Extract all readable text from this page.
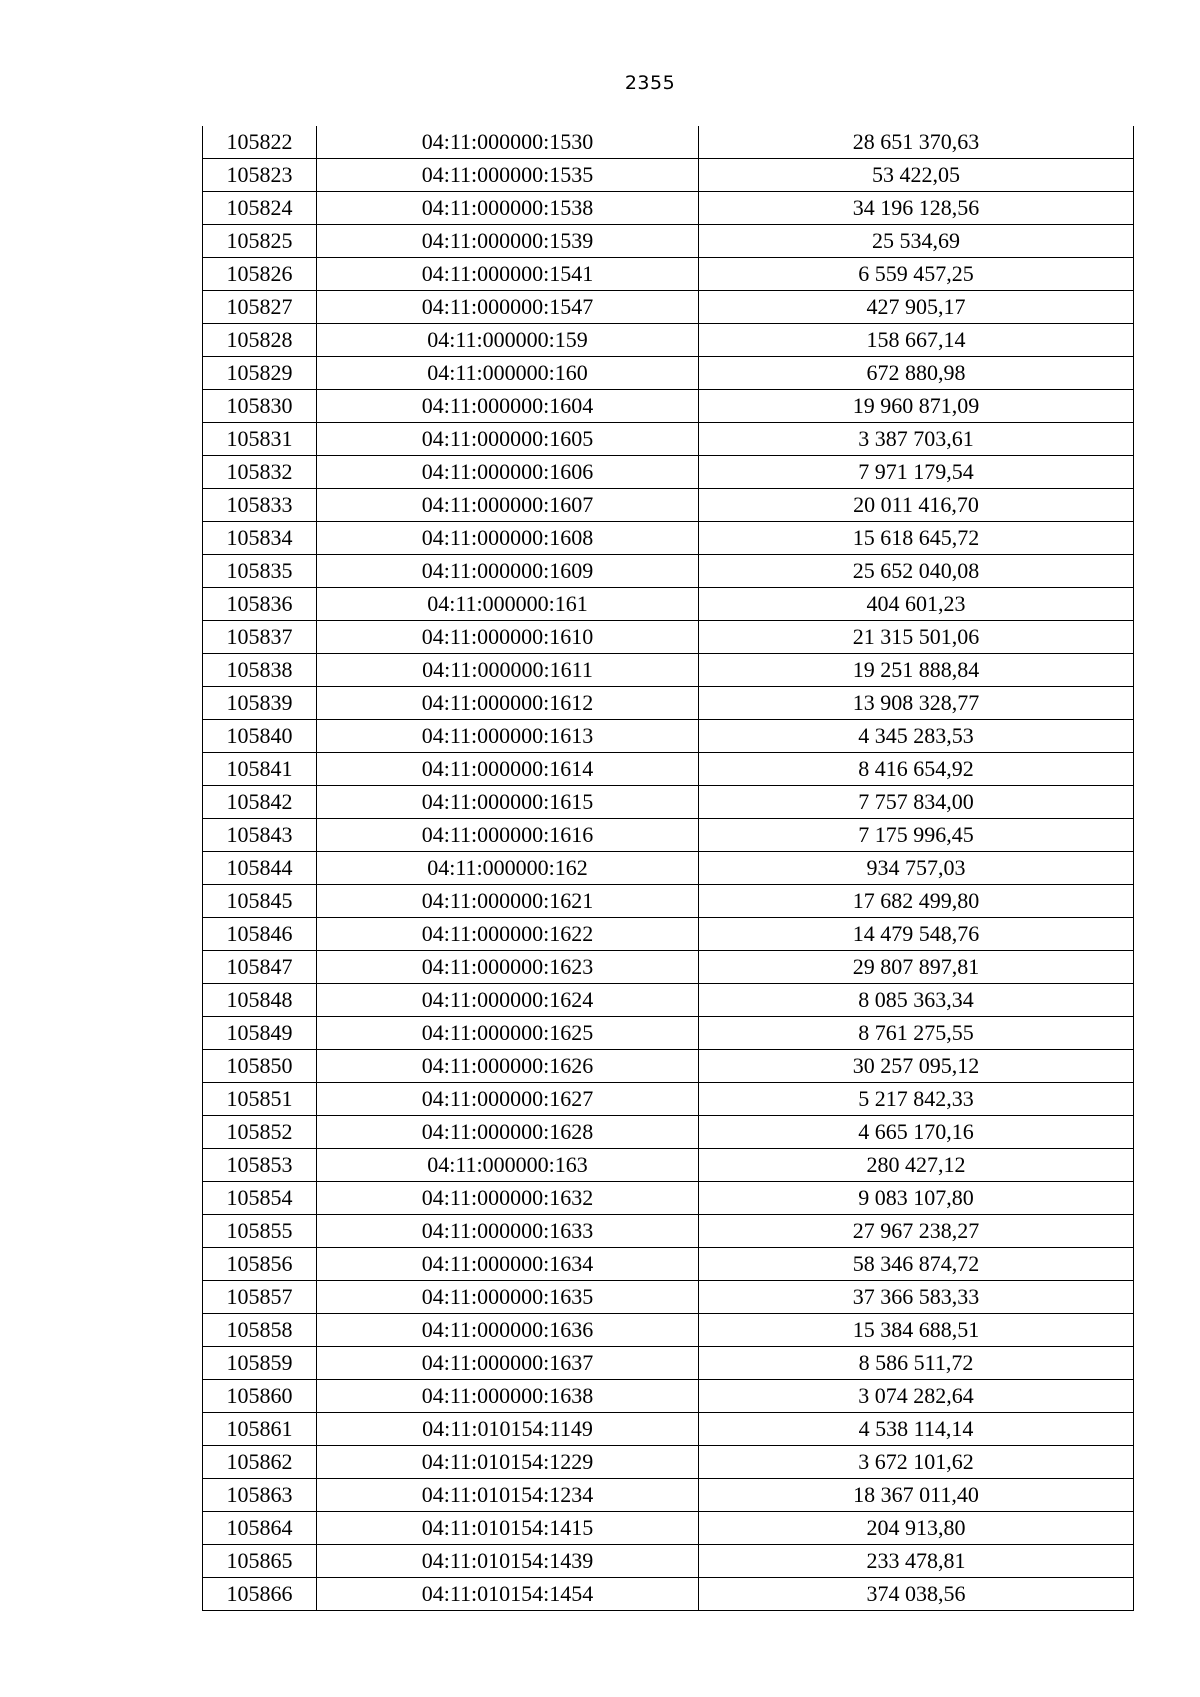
2355
105822	04:11:000000:1530	28 651 370,63
105823	04:11:000000:1535	53 422,05
105824	04:11:000000:1538	34 196 128,56
105825	04:11:000000:1539	25 534,69
105826	04:11:000000:1541	6 559 457,25
105827	04:11:000000:1547	427 905,17
105828	04:11:000000:159	158 667,14
105829	04:11:000000:160	672 880,98
105830	04:11:000000:1604	19 960 871,09
105831	04:11:000000:1605	3 387 703,61
105832	04:11:000000:1606	7 971 179,54
105833	04:11:000000:1607	20 011 416,70
105834	04:11:000000:1608	15 618 645,72
105835	04:11:000000:1609	25 652 040,08
105836	04:11:000000:161	404 601,23
105837	04:11:000000:1610	21 315 501,06
105838	04:11:000000:1611	19 251 888,84
105839	04:11:000000:1612	13 908 328,77
105840	04:11:000000:1613	4 345 283,53
105841	04:11:000000:1614	8 416 654,92
105842	04:11:000000:1615	7 757 834,00
105843	04:11:000000:1616	7 175 996,45
105844	04:11:000000:162	934 757,03
105845	04:11:000000:1621	17 682 499,80
105846	04:11:000000:1622	14 479 548,76
105847	04:11:000000:1623	29 807 897,81
105848	04:11:000000:1624	8 085 363,34
105849	04:11:000000:1625	8 761 275,55
105850	04:11:000000:1626	30 257 095,12
105851	04:11:000000:1627	5 217 842,33
105852	04:11:000000:1628	4 665 170,16
105853	04:11:000000:163	280 427,12
105854	04:11:000000:1632	9 083 107,80
105855	04:11:000000:1633	27 967 238,27
105856	04:11:000000:1634	58 346 874,72
105857	04:11:000000:1635	37 366 583,33
105858	04:11:000000:1636	15 384 688,51
105859	04:11:000000:1637	8 586 511,72
105860	04:11:000000:1638	3 074 282,64
105861	04:11:010154:1149	4 538 114,14
105862	04:11:010154:1229	3 672 101,62
105863	04:11:010154:1234	18 367 011,40
105864	04:11:010154:1415	204 913,80
105865	04:11:010154:1439	233 478,81
105866	04:11:010154:1454	374 038,56
